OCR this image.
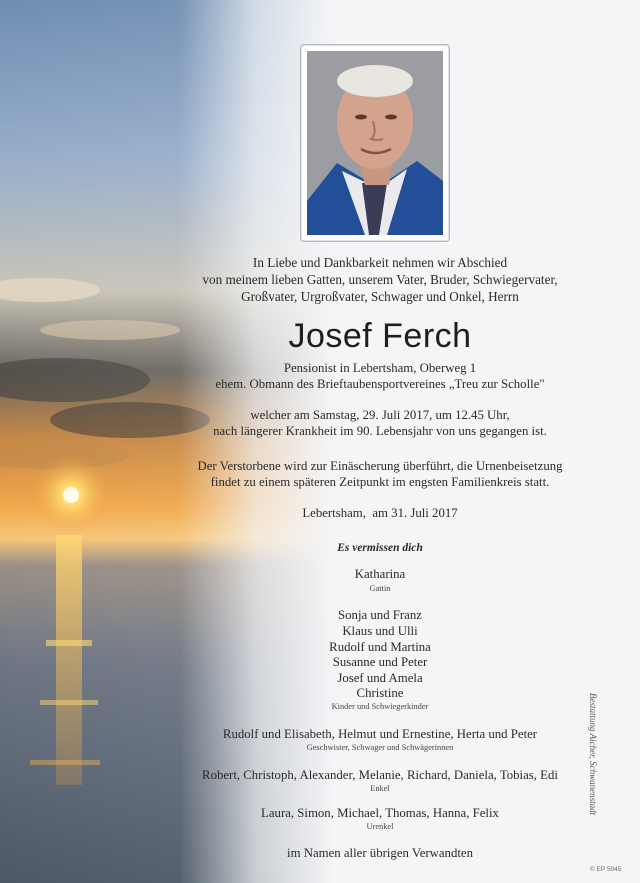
In Liebe und Dankbarkeit nehmen wir Abschied
von meinem lieben Gatten, unserem Vater, Bruder, Schwiegervater,
Großvater, Urgroßvater, Schwager und Onkel, Herrn
Josef Ferch
Pensionist in Lebertsham, Oberweg 1
ehem. Obmann des Brieftaubensportvereines „Treu zur Scholle"
welcher am Samstag, 29. Juli 2017, um 12.45 Uhr,
nach längerer Krankheit im 90. Lebensjahr von uns gegangen ist.
Der Verstorbene wird zur Einäscherung überführt, die Urnenbeisetzung
findet zu einem späteren Zeitpunkt im engsten Familienkreis statt.
Lebertsham,  am 31. Juli 2017
Es vermissen dich
Katharina
Gattin
Sonja und Franz
Klaus und Ulli
Rudolf und Martina
Susanne und Peter
Josef und Amela
Christine
Kinder und Schwiegerkinder
Rudolf und Elisabeth, Helmut und Ernestine, Herta und Peter
Geschwister, Schwager und Schwägerinnen
Robert, Christoph, Alexander, Melanie, Richard, Daniela, Tobias, Edi
Enkel
Laura, Simon, Michael, Thomas, Hanna, Felix
Urenkel
im Namen aller übrigen Verwandten
Bestattung Aicher, Schwanenstadt
© EP 5045
